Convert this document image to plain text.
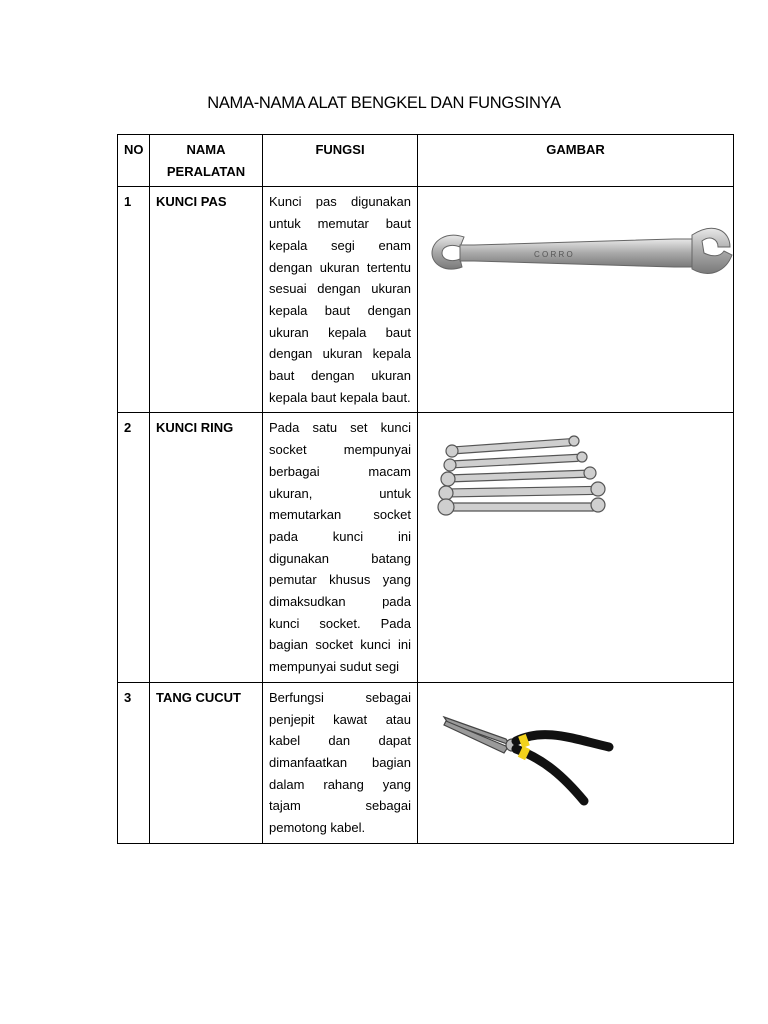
NAMA-NAMA ALAT BENGKEL DAN FUNGSINYA
NO	NAMA PERALATAN	FUNGSI	GAMBAR
1	KUNCI PAS	Kunci pas digunakan untuk memutar baut kepala segi enam dengan ukuran tertentu sesuai dengan ukuran kepala baut dengan ukuran kepala baut dengan ukuran kepala baut dengan ukuran kepala baut kepala baut.	C O R R O

2	KUNCI RING	Pada satu set kunci socket mempunyai berbagai macam ukuran, untuk memutarkan socket pada kunci ini digunakan batang pemutar khusus yang dimaksudkan pada kunci socket. Pada bagian socket kunci ini mempunyai sudut segi	

3	TANG CUCUT	Berfungsi sebagai penjepit kawat atau kabel dan dapat dimanfaatkan bagian dalam rahang yang tajam sebagai pemotong kabel.	
